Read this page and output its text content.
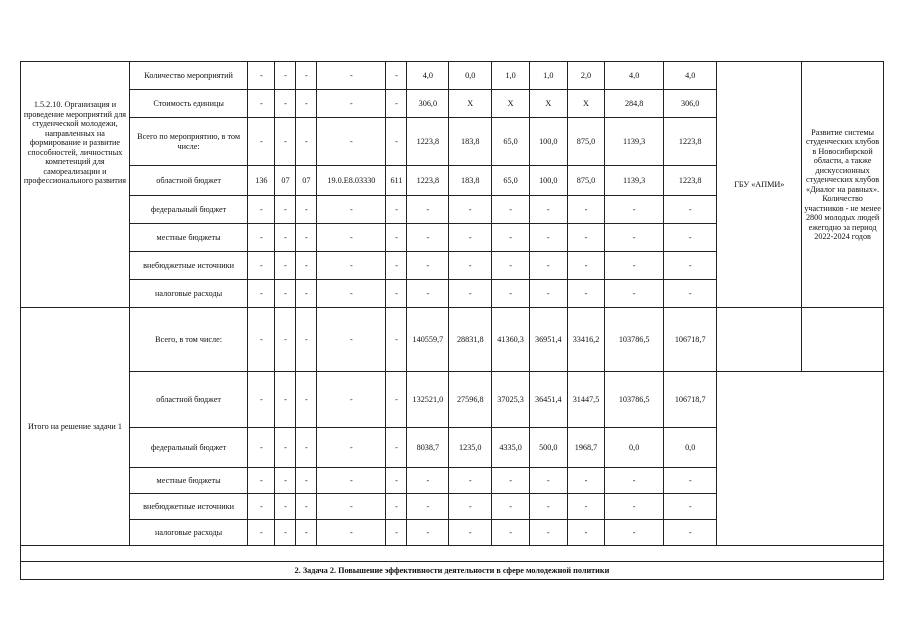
1.5.2.10. Организация и проведение мероприятий для студенческой молодежи, направленных на формирование и развитие способностей, личностных компетенций для самореализации и профессионального развития	Количество мероприятий	-	-	-	-	-	4,0	0,0	1,0	1,0	2,0	4,0	4,0	ГБУ «АПМИ»	Развитие системы студенческих клубов в Новосибирской области, а также дискуссионных студенческих клубов «Диалог на равных». Количество участников - не менее 2800 молодых людей ежегодно за период 2022-2024 годов
	Стоимость единицы	-	-	-	-	-	306,0	X	X	X	X	284,8	306,0		
	Всего по мероприятию, в том числе:	-	-	-	-	-	1223,8	183,8	65,0	100,0	875,0	1139,3	1223,8		
	областной бюджет	136	07	07	19.0.E8.03330	611	1223,8	183,8	65,0	100,0	875,0	1139,3	1223,8		
	федеральный бюджет	-	-	-	-	-	-	-	-	-	-	-	-		
	местные бюджеты	-	-	-	-	-	-	-	-	-	-	-	-		
	внебюджетные источники	-	-	-	-	-	-	-	-	-	-	-	-		
	налоговые расходы	-	-	-	-	-	-	-	-	-	-	-	-		
Итого на решение задачи 1	Всего, в том числе:	-	-	-	-	-	140559,7	28831,8	41360,3	36951,4	33416,2	103786,5	106718,7		
	областной бюджет	-	-	-	-	-	132521,0	27596,8	37025,3	36451,4	31447,5	103786,5	106718,7		
	федеральный бюджет	-	-	-	-	-	8038,7	1235,0	4335,0	500,0	1968,7	0,0	0,0		
	местные бюджеты	-	-	-	-	-	-	-	-	-	-	-	-		
	внебюджетные источники	-	-	-	-	-	-	-	-	-	-	-	-		
	налоговые расходы	-	-	-	-	-	-	-	-	-	-	-	-		

2. Задача 2. Повышение эффективности деятельности в сфере молодежной политики															
